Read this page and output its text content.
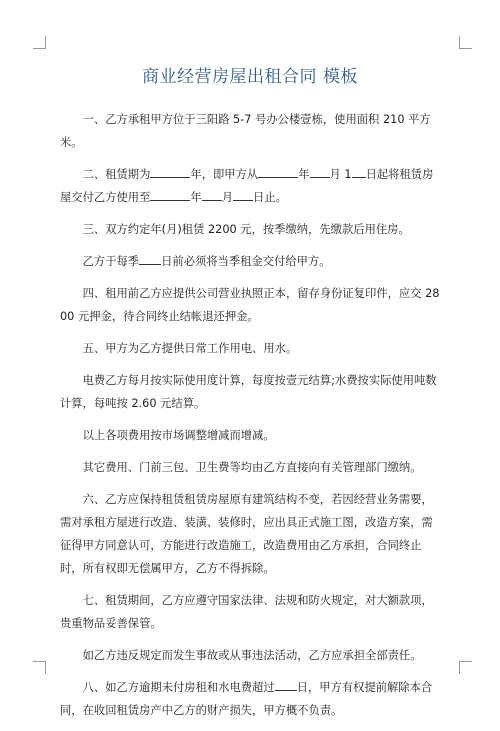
商业经营房屋出租合同 模板

一、乙方承租甲方位于三阳路 5-7 号办公楼壹栋，使用面积 210 平方米。

二、租赁期为	年，即甲方从	年 月 1 日起将租赁房屋交付乙方使用至	年 月 日止。

三、双方约定年(月)租赁 2200 元，按季缴纳，先缴款后用住房。

乙方于每季 日前必须将当季租金交付给甲方。

四、租用前乙方应提供公司营业执照正本，留存身份证复印件，应交 2800 元押金，待合同终止结帐退还押金。

五、甲方为乙方提供日常工作用电、用水。

电费乙方每月按实际使用度计算，每度按壹元结算;水费按实际使用吨数计算，每吨按 2.60 元结算。

以上各项费用按市场调整增减而增减。

其它费用、门前三包、卫生费等均由乙方直接向有关管理部门缴纳。

六、乙方应保持租赁租赁房屋原有建筑结构不变，若因经营业务需要，需对承租方屋进行改造、装潢、装修时，应出具正式施工图，改造方案，需征得甲方同意认可，方能进行改造施工，改造费用由乙方承担，合同终止时，所有权即无偿属甲方，乙方不得拆除。

七、租赁期间，乙方应遵守国家法律、法规和防火规定，对大额款项，贵重物品妥善保管。

如乙方违反规定而发生事故或从事违法活动，乙方应承担全部责任。

八、如乙方逾期未付房租和水电费超过 日，甲方有权提前解除本合同，在收回租赁房产中乙方的财产损失，甲方概不负责。
